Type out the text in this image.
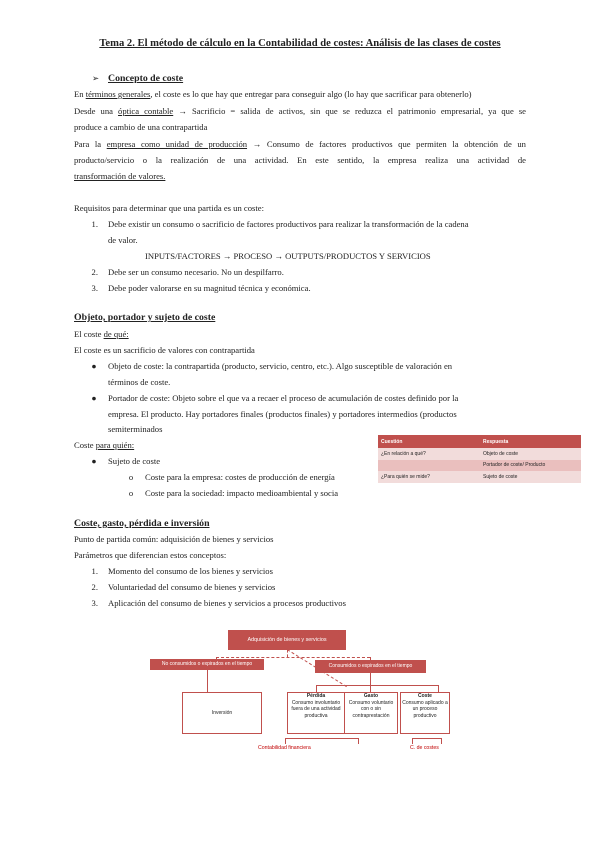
Tema 2. El método de cálculo en la Contabilidad de costes: Análisis de las clases de costes
➢ Concepto de coste
En términos generales, el coste es lo que hay que entregar para conseguir algo (lo hay que sacrificar para obtenerlo)
Desde una óptica contable → Sacrificio = salida de activos, sin que se reduzca el patrimonio empresarial, ya que se
produce a cambio de una contrapartida
Para la empresa como unidad de producción → Consumo de factores productivos que permiten la obtención de un
producto/servicio o la realización de una actividad. En este sentido, la empresa realiza una actividad de
transformación de valores.
Requisitos para determinar que una partida es un coste:
1. Debe existir un consumo o sacrificio de factores productivos para realizar la transformación de la cadena
de valor.
INPUTS/FACTORES → PROCESO → OUTPUTS/PRODUCTOS Y SERVICIOS
2. Debe ser un consumo necesario. No un despilfarro.
3. Debe poder valorarse en su magnitud técnica y económica.
Objeto, portador y sujeto de coste
El coste de qué:
El coste es un sacrificio de valores con contrapartida
● Objeto de coste: la contrapartida (producto, servicio, centro, etc.). Algo susceptible de valoración en
términos de coste.
● Portador de coste: Objeto sobre el que va a recaer el proceso de acumulación de costes definido por la
empresa. El producto. Hay portadores finales (productos finales) y portadores intermedios (productos
semiterminados
Coste para quién:
● Sujeto de coste
o Coste para la empresa: costes de producción de energía
o Coste para la sociedad: impacto medioambiental y socia
Cuestión	Respuesta
¿En relación a qué?	Objeto de coste
	Portador de coste/ Producto
¿Para quién se mide?	Sujeto de coste
Coste, gasto, pérdida e inversión
Punto de partida común: adquisición de bienes y servicios
Parámetros que diferencian estos conceptos:
1. Momento del consumo de los bienes y servicios
2. Voluntariedad del consumo de bienes y servicios
3. Aplicación del consumo de bienes y servicios a procesos productivos
Adquisición de bienes y servicios
No consumidos o expirados en el tiempo	Consumidos o expirados en el tiempo
Inversión
Pérdida
Consumo involuntario fuera de una actividad productiva
Gasto
Consumo voluntario con o sin contraprestación
Coste
Consumo aplicado a un proceso productivo
Contabilidad financiera	C. de costes
